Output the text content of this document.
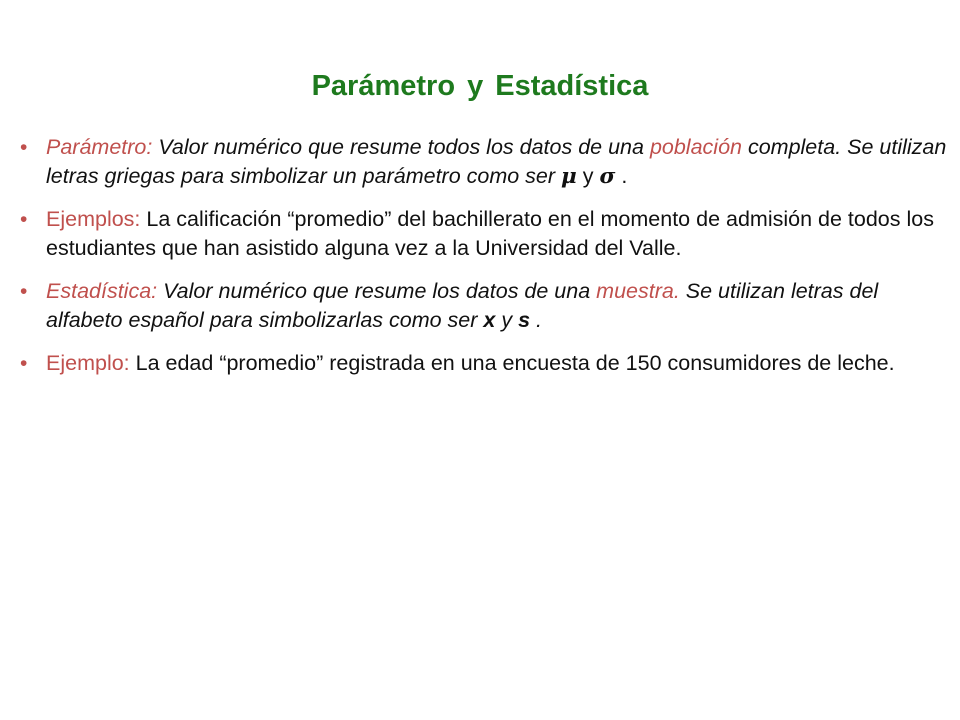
Parámetro y Estadística
• Parámetro: Valor numérico que resume todos los datos de una población completa. Se utilizan letras griegas para simbolizar un parámetro como ser μ y σ .
• Ejemplos: La calificación “promedio” del bachillerato en el momento de admisión de todos los estudiantes que han asistido alguna vez a la Universidad del Valle.
• Estadística: Valor numérico que resume los datos de una muestra. Se utilizan letras del alfabeto español para simbolizarlas como ser x y s .
• Ejemplo: La edad “promedio” registrada en una encuesta de 150 consumidores de leche.
